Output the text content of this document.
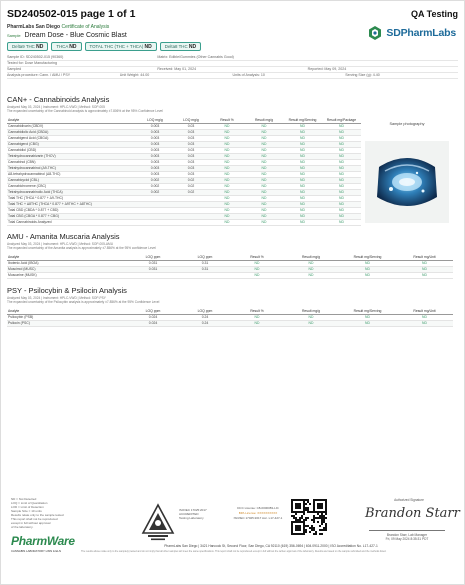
SD240502-015 page 1 of 1	QA Testing
PharmLabs San Diego Certificate of Analysis
Sample Dream Dose - Blue Cosmic Blast	SDPharmLabs
Delta9 THC ND	THCA ND	TOTAL THC (THC + THCA) ND	Delta8 THC ND
Sample ID: SD240502-015 (90360)	Matrix: Edible/Gummies (Other Cannabis Good)
Tested for: Dose Manufacturing
Sampled	Received: May 01, 2024	Reported: May 09, 2024
Analysis procedure: Cann. / AMU / PSY	Unit Weight: 44.00	Units of Analysis: 10	Serving Size (g): 4.40
CAN+ - Cannabinoids Analysis
Analyzed May 03, 2024 | Instrument: HPLC-VWD | Method: SOP-005
The expanded uncertainty of the Cannabinoid analysis is approximately ±7.806% at the 95% Confidence Level
Analyte	LOQ mg/g	LOQ mg/g	Result %	Result mg/g	Result mg/Serving	Result mg/Package
Cannabidivarin (CBDV)	0.003	0.03	ND	ND	ND	ND
Cannabidiolic Acid (CBDA)	0.003	0.03	ND	ND	ND	ND
Cannabigerol Acid (CBGA)	0.003	0.03	ND	ND	ND	ND
Cannabigerol (CBG)	0.003	0.03	ND	ND	ND	ND
Cannabidiol (CBD)	0.003	0.03	ND	ND	ND	ND
Tetrahydrocannabivarin (THCV)	0.003	0.03	ND	ND	ND	ND
Cannabinol (CBN)	0.003	0.03	ND	ND	ND	ND
Tetrahydrocannabinol (Δ9-THC)	0.003	0.03	ND	ND	ND	ND
Δ8-tetrahydrocannabinol (Δ8-THC)	0.003	0.03	ND	ND	ND	ND
Cannabicyclol (CBL)	0.002	0.02	ND	ND	ND	ND
Cannabichromene (CBC)	0.002	0.02	ND	ND	ND	ND
Tetrahydrocannabinolic Acid (THCA)	0.002	0.02	ND	ND	ND	ND
Total THC (THCA * 0.877 + Δ9-THC)			ND	ND	ND	ND
Total THC + Δ8THC (THCA * 0.877 + Δ9THC + Δ8THC)			ND	ND	ND	ND
Total CBD (CBDA * 0.877 + CBD)			ND	ND	ND	ND
Total CBG (CBGA * 0.877 + CBG)			ND	ND	ND	ND
Total Cannabinoids Analyzed			ND	ND	ND	ND
Sample photography
AMU - Amanita Muscaria Analysis
Analyzed May 03, 2024 | Instrument: HPLC-VWD | Method: SOP-005-AMU
The expanded uncertainty of the Amanita analysis is approximately ±7.856% at the 95% confidence Level
Analyte	LOQ ppm	LOQ ppm	Result %	Result mg/g	Result mg/Serving	Result mg/Unit
Ibotenic Acid (IBOA)	0.031	0.31	ND	ND	ND	ND
Muscimol (MUSC)	0.031	0.31	ND	ND	ND	ND
Muscarine (MUSK)			ND	ND	ND	ND
PSY - Psilocybin & Psilocin Analysis
Analyzed May 03, 2024 | Instrument: HPLC-VWD | Method: SOP-PSY
The expanded uncertainty of the Psilocybin analysis is approximately ±7.856% at the 95% Confidence Level
Analyte	LOQ ppm	LOQ ppm	Result %	Result mg/g	Result mg/Serving	Result mg/Unit
Psilocybin (PSB)	0.024	0.24	ND	ND	ND	ND
Psilocin (PSC)	0.024	0.24	ND	ND	ND	ND
ND = Not Detected
LOQ = Limit of Quantitation
LOD = Limit of Detection
Sample Size = 10 units
Results relate only to the sample tested
This report shall not be reproduced
except in full without approval
of the laboratory.
PharmWare
CANNABIS LABORATORY LIMS & ELN
ISO/IEC 17025:2017
ACCREDITED
Testing Laboratory
DCC License: C8-0000083-LIC
BPA License: XXXXXXXXXX
ISO/IEC 17025:2017 Acc. L17-427-1
Authorized Signature
Brandon Starr
Brandon Starr, Lab Manager
Fri, 09 May 2024 8:35:31 PDT
PharmLabs San Diego | 3421 Hancock St, Second Floor, San Diego, CA 92110 (619) 356-0694 | 604.0911.2000 | ISO Accreditation No. L17-427-1
The results above relate only to the sample(s) tested and do not imply that all other samples will meet the same specifications. This report shall not be reproduced except in full without the written approval of the laboratory. Results are based on the sample submitted and the methods listed.
